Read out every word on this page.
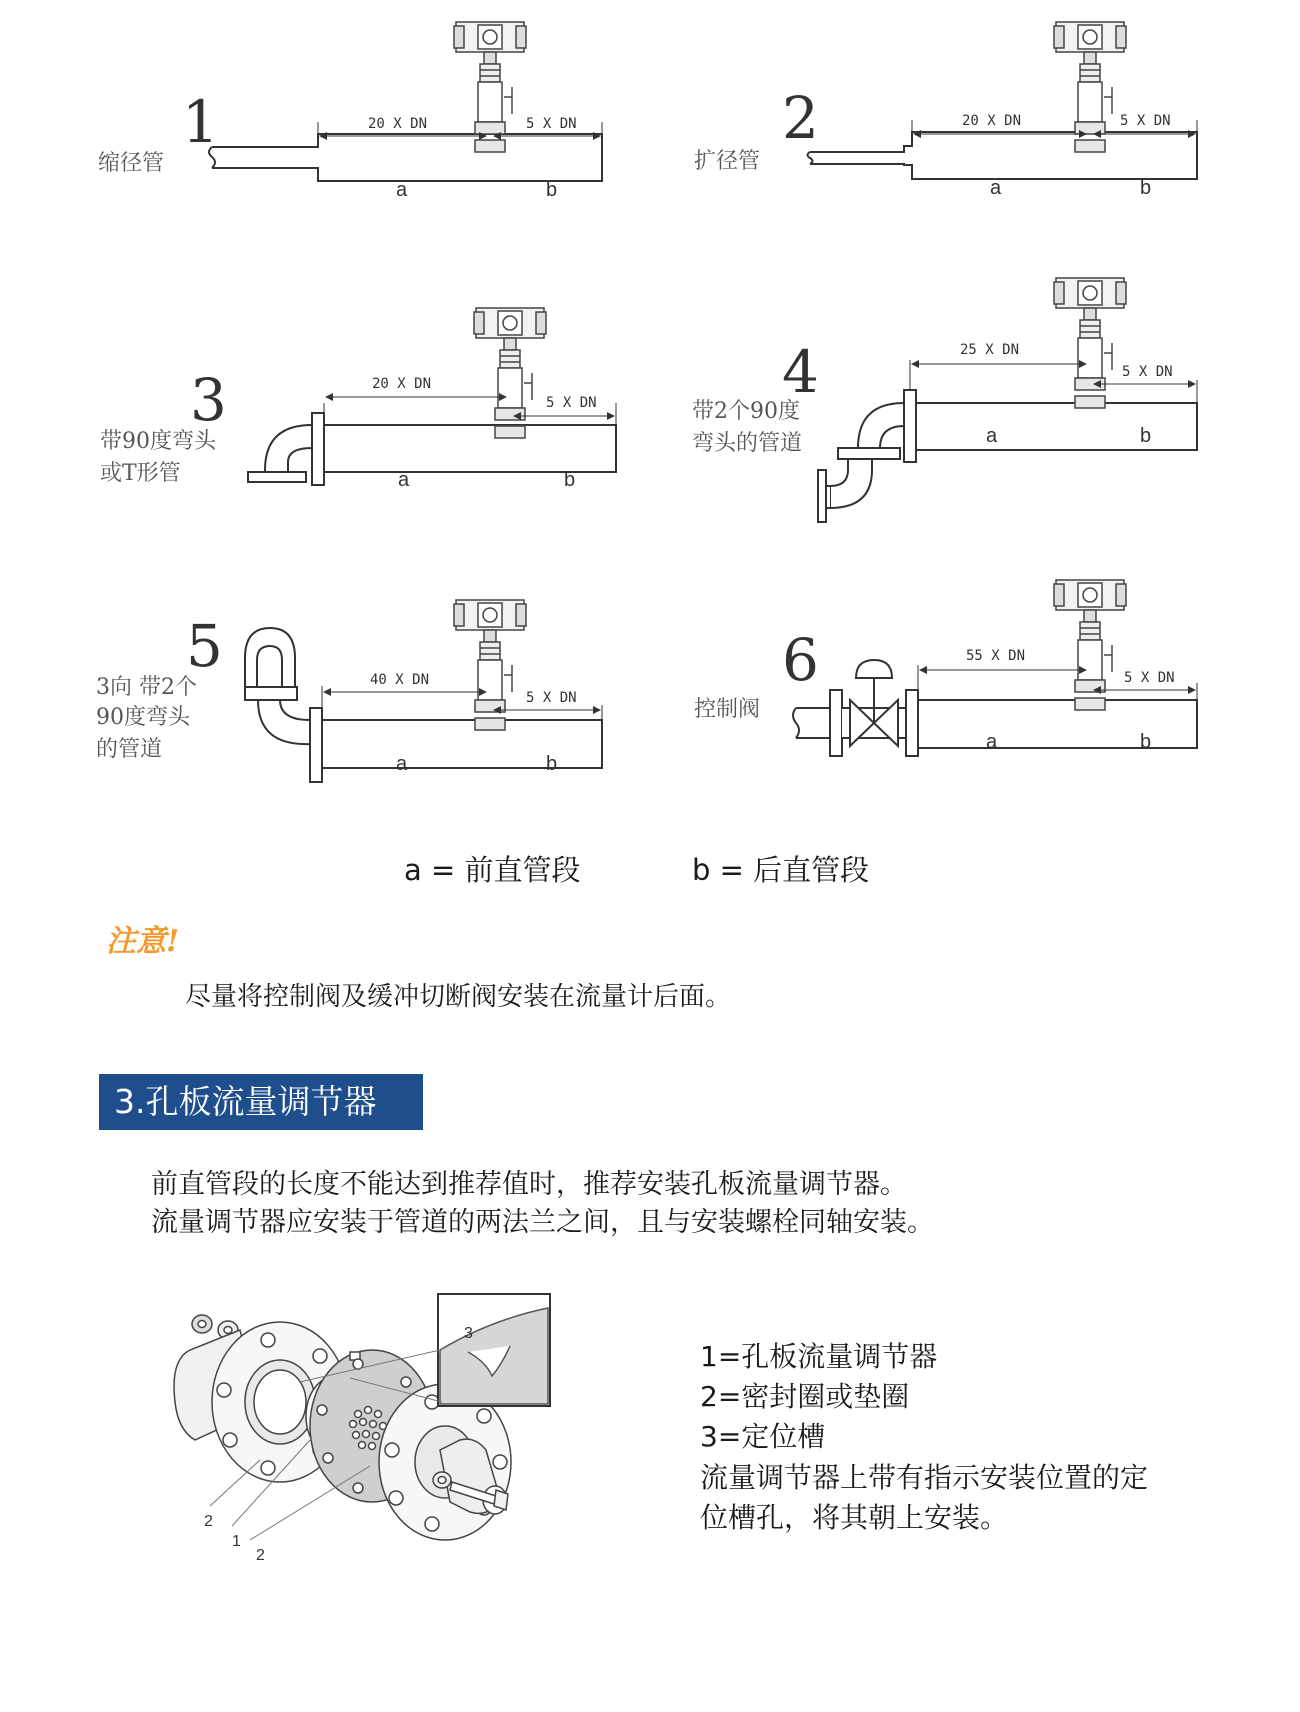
1
缩径管
20 X DN	5 X DN
a	b
2
扩径管
20 X DN	5 X DN
a	b
3
带90度弯头
或T形管
20 X DN
5 X DN
a	b
4
带2个90度
弯头的管道
25 X DN
5 X DN
a	b
5
3向 带2个
90度弯头
的管道
40 X DN
5 X DN
a	b
6
控制阀
55 X DN
5 X DN
a	b
a = 前直管段	b = 后直管段
注意!
尽量将控制阀及缓冲切断阀安装在流量计后面。
3.孔板流量调节器
前直管段的长度不能达到推荐值时，推荐安装孔板流量调节器。
流量调节器应安装于管道的两法兰之间，且与安装螺栓同轴安装。
3
2
1
2
1=孔板流量调节器
2=密封圈或垫圈
3=定位槽
流量调节器上带有指示安装位置的定
位槽孔，将其朝上安装。
